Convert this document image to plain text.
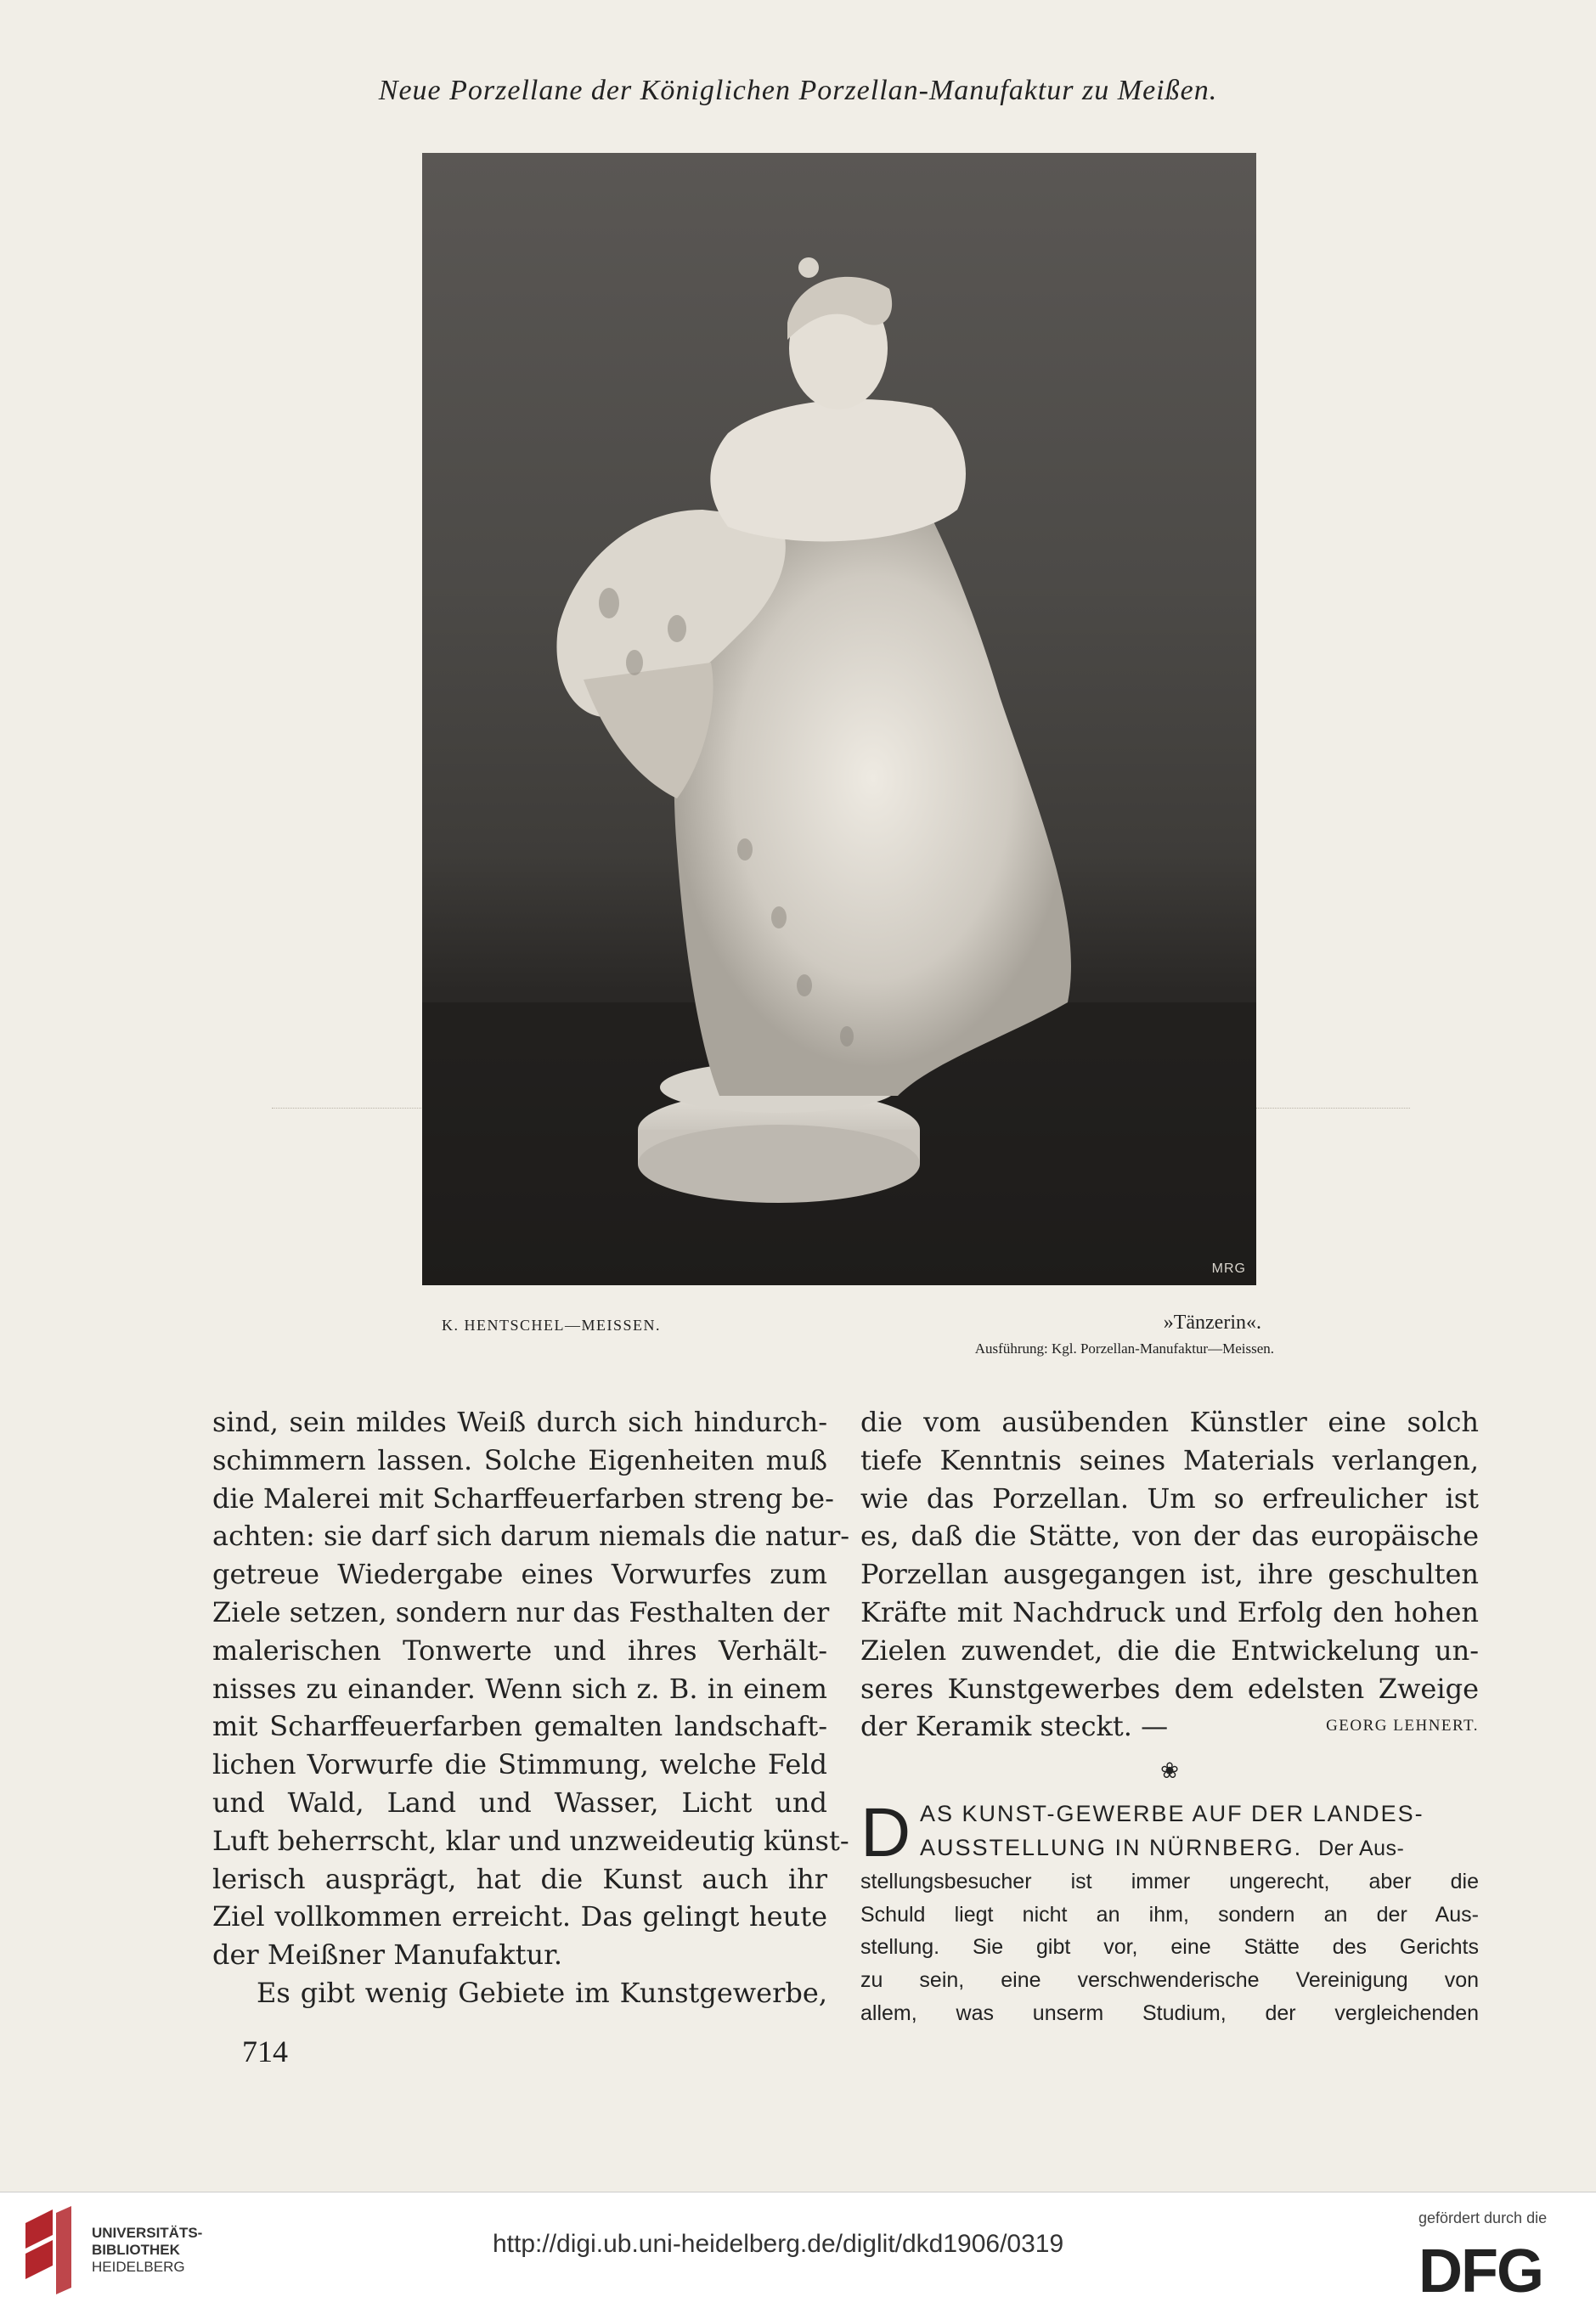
Neue Porzellane der Königlichen Porzellan-Manufaktur zu Meißen.
MRG
K. HENTSCHEL—MEISSEN.	»Tänzerin«.
Ausführung: Kgl. Porzellan-Manufaktur—Meissen.
sind, sein mildes Weiß durch sich hindurch-
schimmern lassen. Solche Eigenheiten muß
die Malerei mit Scharffeuerfarben streng be-
achten: sie darf sich darum niemals die natur-
getreue Wiedergabe eines Vorwurfes zum
Ziele setzen, sondern nur das Festhalten der
malerischen Tonwerte und ihres Verhält-
nisses zu einander. Wenn sich z. B. in einem
mit Scharffeuerfarben gemalten landschaft-
lichen Vorwurfe die Stimmung, welche Feld
und Wald, Land und Wasser, Licht und
Luft beherrscht, klar und unzweideutig künst-
lerisch ausprägt, hat die Kunst auch ihr
Ziel vollkommen erreicht. Das gelingt heute
der Meißner Manufaktur.
Es gibt wenig Gebiete im Kunstgewerbe,
die vom ausübenden Künstler eine solch
tiefe Kenntnis seines Materials verlangen,
wie das Porzellan. Um so erfreulicher ist
es, daß die Stätte, von der das europäische
Porzellan ausgegangen ist, ihre geschulten
Kräfte mit Nachdruck und Erfolg den hohen
Zielen zuwendet, die die Entwickelung un-
seres Kunstgewerbes dem edelsten Zweige
der Keramik steckt. —	GEORG LEHNERT.
❀
D AS KUNST-GEWERBE AUF DER LANDES-
AUSSTELLUNG IN NÜRNBERG. Der Aus-
stellungsbesucher ist immer ungerecht, aber die
Schuld liegt nicht an ihm, sondern an der Aus-
stellung. Sie gibt vor, eine Stätte des Gerichts
zu sein, eine verschwenderische Vereinigung von
allem, was unserm Studium, der vergleichenden
714
UNIVERSITÄTS-
BIBLIOTHEK
HEIDELBERG
http://digi.ub.uni-heidelberg.de/diglit/dkd1906/0319
gefördert durch die
DFG
